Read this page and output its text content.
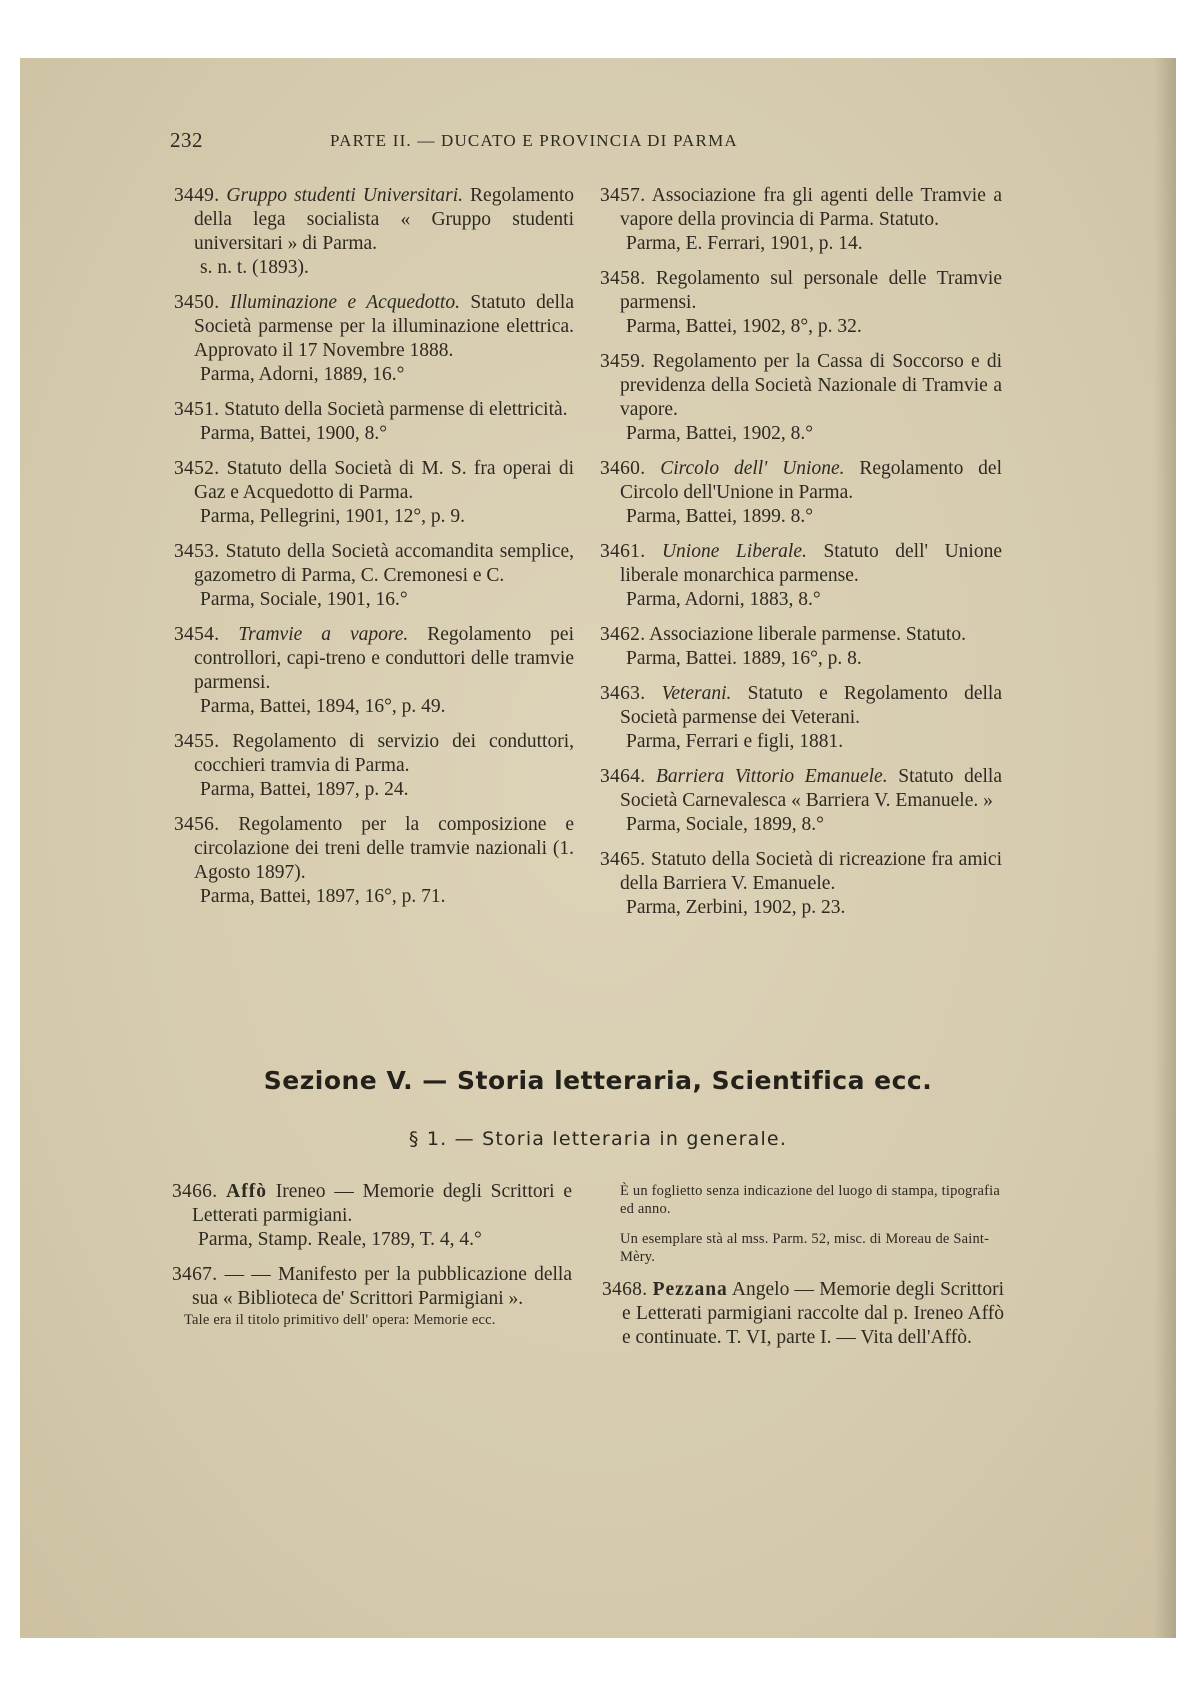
232	PARTE II. — DUCATO E PROVINCIA DI PARMA
3449. Gruppo studenti Universitari. Regolamento della lega socialista « Gruppo studenti universitari » di Parma.
s. n. t. (1893).
3450. Illuminazione e Acquedotto. Statuto della Società parmense per la illuminazione elettrica. Approvato il 17 Novembre 1888.
Parma, Adorni, 1889, 16.°
3451. Statuto della Società parmense di elettricità.
Parma, Battei, 1900, 8.°
3452. Statuto della Società di M. S. fra operai di Gaz e Acquedotto di Parma.
Parma, Pellegrini, 1901, 12°, p. 9.
3453. Statuto della Società accomandita semplice, gazometro di Parma, C. Cremonesi e C.
Parma, Sociale, 1901, 16.°
3454. Tramvie a vapore. Regolamento pei controllori, capi-treno e conduttori delle tramvie parmensi.
Parma, Battei, 1894, 16°, p. 49.
3455. Regolamento di servizio dei conduttori, cocchieri tramvia di Parma.
Parma, Battei, 1897, p. 24.
3456. Regolamento per la composizione e circolazione dei treni delle tramvie nazionali (1. Agosto 1897).
Parma, Battei, 1897, 16°, p. 71.
3457. Associazione fra gli agenti delle Tramvie a vapore della provincia di Parma. Statuto.
Parma, E. Ferrari, 1901, p. 14.
3458. Regolamento sul personale delle Tramvie parmensi.
Parma, Battei, 1902, 8°, p. 32.
3459. Regolamento per la Cassa di Soccorso e di previdenza della Società Nazionale di Tramvie a vapore.
Parma, Battei, 1902, 8.°
3460. Circolo dell' Unione. Regolamento del Circolo dell'Unione in Parma.
Parma, Battei, 1899. 8.°
3461. Unione Liberale. Statuto dell' Unione liberale monarchica parmense.
Parma, Adorni, 1883, 8.°
3462. Associazione liberale parmense. Statuto.
Parma, Battei. 1889, 16°, p. 8.
3463. Veterani. Statuto e Regolamento della Società parmense dei Veterani.
Parma, Ferrari e figli, 1881.
3464. Barriera Vittorio Emanuele. Statuto della Società Carnevalesca « Barriera V. Emanuele. »
Parma, Sociale, 1899, 8.°
3465. Statuto della Società di ricreazione fra amici della Barriera V. Emanuele.
Parma, Zerbini, 1902, p. 23.
Sezione V. — Storia letteraria, Scientifica ecc.
§ 1. — Storia letteraria in generale.
3466. Affò Ireneo — Memorie degli Scrittori e Letterati parmigiani.
Parma, Stamp. Reale, 1789, T. 4, 4.°
3467. — — Manifesto per la pubblicazione della sua « Biblioteca de' Scrittori Parmigiani ».
Tale era il titolo primitivo dell' opera: Memorie ecc.
È un foglietto senza indicazione del luogo di stampa, tipografia ed anno.
Un esemplare stà al mss. Parm. 52, misc. di Moreau de Saint-Mèry.
3468. Pezzana Angelo — Memorie degli Scrittori e Letterati parmigiani raccolte dal p. Ireneo Affò e continuate. T. VI, parte I. — Vita dell'Affò.
